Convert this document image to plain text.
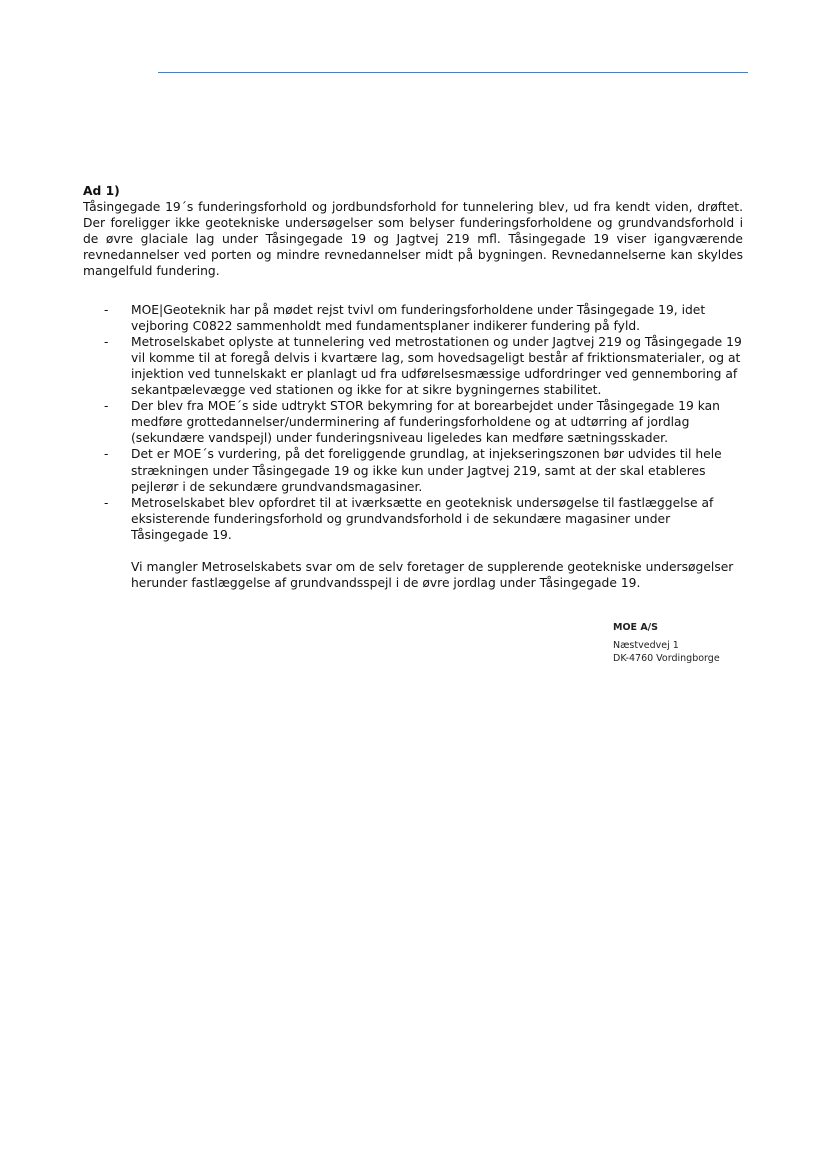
Ad 1)

Tåsingegade 19´s funderingsforhold og jordbundsforhold for tunnelering blev, ud fra kendt viden, drøftet. Der foreligger ikke geotekniske undersøgelser som belyser funderingsforholdene og grundvandsforhold i de øvre glaciale lag under Tåsingegade 19 og Jagtvej 219 mfl. Tåsingegade 19 viser igangværende revnedannelser ved porten og mindre revnedannelser midt på bygningen. Revnedannelserne kan skyldes mangelfuld fundering.

-	MOE|Geoteknik har på mødet rejst tvivl om funderingsforholdene under Tåsingegade 19, idet vejboring C0822 sammenholdt med fundamentsplaner indikerer fundering på fyld.
-	Metroselskabet oplyste at tunnelering ved metrostationen og under Jagtvej 219 og Tåsingegade 19 vil komme til at foregå delvis i kvartære lag, som hovedsageligt består af friktionsmaterialer, og at injektion ved tunnelskakt er planlagt ud fra udførelsesmæssige udfordringer ved gennemboring af sekantpælevægge ved stationen og ikke for at sikre bygningernes stabilitet.
-	Der blev fra MOE´s side udtrykt STOR bekymring for at borearbejdet under Tåsingegade 19 kan medføre grottedannelser/underminering af funderingsforholdene og at udtørring af jordlag (sekundære vandspejl) under funderingsniveau ligeledes kan medføre sætningsskader.
-	Det er MOE´s vurdering, på det foreliggende grundlag, at injekseringszonen bør udvides til hele strækningen under Tåsingegade 19 og ikke kun under Jagtvej 219, samt at der skal etableres pejlerør i de sekundære grundvandsmagasiner.
-	Metroselskabet blev opfordret til at iværksætte en geoteknisk undersøgelse til fastlæggelse af eksisterende funderingsforhold og grundvandsforhold i de sekundære magasiner under Tåsingegade 19.

Vi mangler Metroselskabets svar om de selv foretager de supplerende geotekniske undersøgelser herunder fastlæggelse af grundvandsspejl i de øvre jordlag under Tåsingegade 19.

MOE A/S
Næstvedvej 1
DK-4760 Vordingborge
